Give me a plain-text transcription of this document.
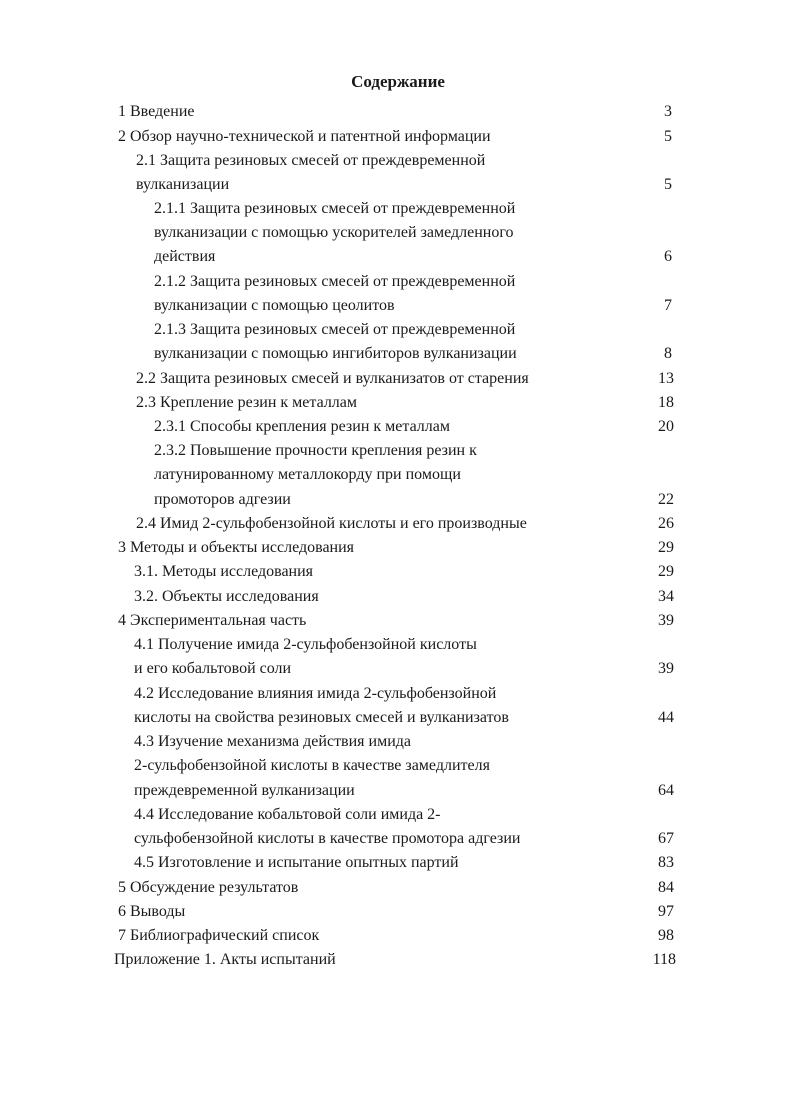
Содержание
1 Введение	3
2 Обзор научно-технической и патентной информации	5
2.1 Защита резиновых смесей от преждевременной
вулканизации	5
2.1.1 Защита резиновых смесей от преждевременной
вулканизации с помощью ускорителей замедленного
действия	6
2.1.2 Защита резиновых смесей от преждевременной
вулканизации с помощью цеолитов	7
2.1.3 Защита резиновых смесей от преждевременной
вулканизации с помощью ингибиторов вулканизации	8
2.2 Защита резиновых смесей и вулканизатов от старения	13
2.3 Крепление резин к металлам	18
2.3.1 Способы крепления резин к металлам	20
2.3.2 Повышение прочности крепления резин к
латунированному металлокорду при помощи
промоторов адгезии	22
2.4 Имид 2-сульфобензойной кислоты и его производные	26
3 Методы и объекты исследования	29
3.1. Методы исследования	29
3.2. Объекты исследования	34
4 Экспериментальная часть	39
4.1 Получение имида 2-сульфобензойной кислоты
и его кобальтовой соли	39
4.2 Исследование влияния имида 2-сульфобензойной
кислоты на свойства резиновых смесей и вулканизатов	44
4.3 Изучение механизма действия имида
2-сульфобензойной кислоты в качестве замедлителя
преждевременной вулканизации	64
4.4 Исследование кобальтовой соли имида 2-
сульфобензойной кислоты в качестве промотора адгезии	67
4.5 Изготовление и испытание опытных партий	83
5 Обсуждение результатов	84
6 Выводы	97
7 Библиографический список	98
Приложение 1. Акты испытаний	118
